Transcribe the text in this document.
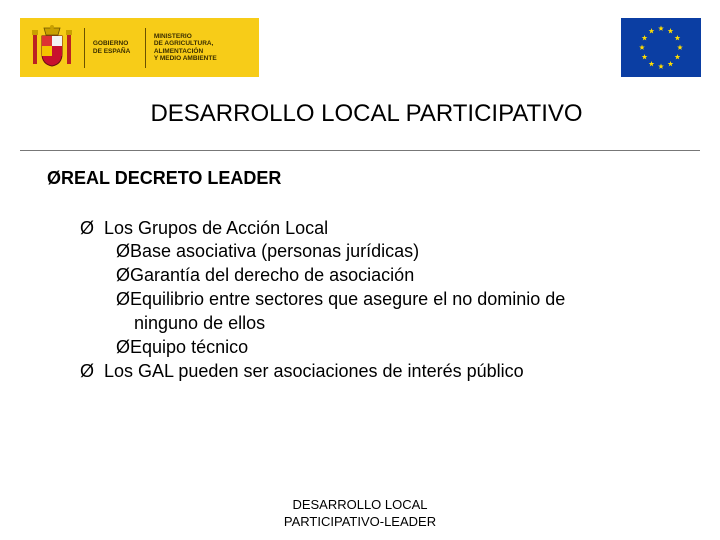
GOBIERNO
DE ESPAÑA
MINISTERIO
DE AGRICULTURA, ALIMENTACIÓN
Y MEDIO AMBIENTE
DESARROLLO LOCAL PARTICIPATIVO
ØREAL DECRETO LEADER
Ø Los Grupos de Acción Local
ØBase asociativa (personas jurídicas)
ØGarantía del derecho de asociación
ØEquilibrio entre sectores que asegure el no dominio de
ninguno de ellos
ØEquipo técnico
Ø Los GAL pueden ser asociaciones de interés público
DESARROLLO LOCAL
PARTICIPATIVO-LEADER
